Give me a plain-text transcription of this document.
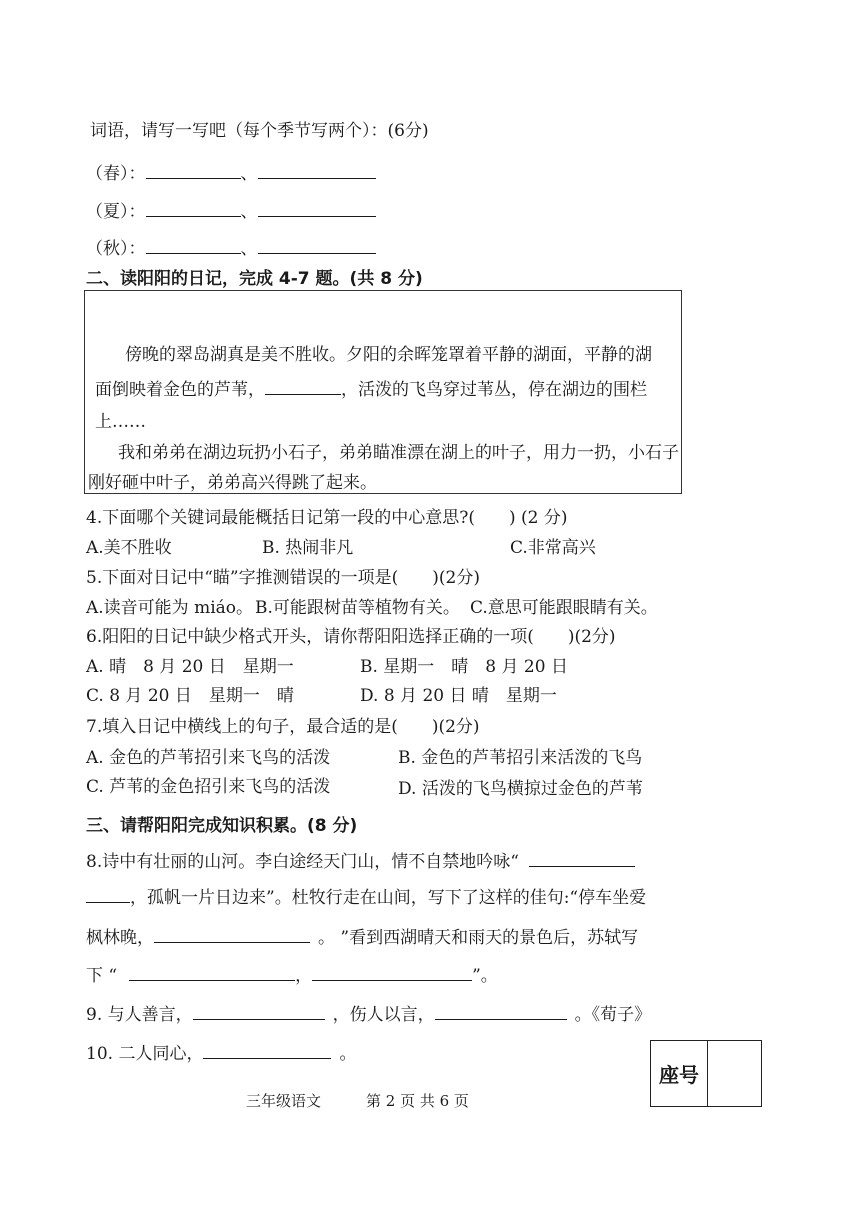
词语，请写一写吧（每个季节写两个）：(6分)
（春）：	、
（夏）：	、
（秋）：	、
二、读阳阳的日记，完成 4-7 题。(共 8 分)
傍晚的翠岛湖真是美不胜收。夕阳的余晖笼罩着平静的湖面，平静的湖
面倒映着金色的芦苇，	，活泼的飞鸟穿过苇丛，停在湖边的围栏
上……
我和弟弟在湖边玩扔小石子，弟弟瞄准漂在湖上的叶子，用力一扔，小石子
刚好砸中叶子，弟弟高兴得跳了起来。
4.下面哪个关键词最能概括日记第一段的中心意思?(　　) (2 分)
A.美不胜收	B. 热闹非凡	C.非常高兴
5.下面对日记中“瞄”字推测错误的一项是(　　)(2分)
A.读音可能为 miáo。 B.可能跟树苗等植物有关。 C.意思可能跟眼睛有关。
6.阳阳的日记中缺少格式开头，请你帮阳阳选择正确的一项(　　)(2分)
A. 晴　8 月 20 日　星期一	B. 星期一　晴　8 月 20 日
C. 8 月 20 日　星期一　晴	D. 8 月 20 日 晴　星期一
7.填入日记中横线上的句子，最合适的是(　　)(2分)
A. 金色的芦苇招引来飞鸟的活泼	B. 金色的芦苇招引来活泼的飞鸟
C. 芦苇的金色招引来飞鸟的活泼	D. 活泼的飞鸟横掠过金色的芦苇
三、请帮阳阳完成知识积累。(8 分)
8.诗中有壮丽的山河。李白途经天门山，情不自禁地吟咏“
，孤帆一片日边来”。杜牧行走在山间，写下了这样的佳句:“停车坐爱
枫林晚，	。 ”看到西湖晴天和雨天的景色后，苏轼写
下 “	，	”。
9. 与人善言，	，伤人以言，	。《荀子》
10. 二人同心，	。
座号
三年级语文	第 2 页 共 6 页
